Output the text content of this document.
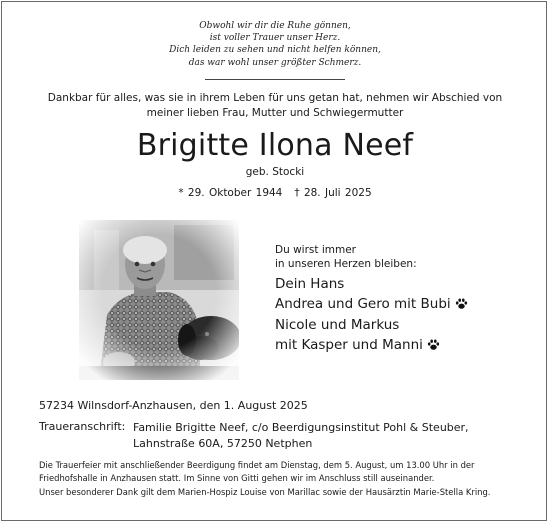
Obwohl wir dir die Ruhe gönnen,
ist voller Trauer unser Herz.
Dich leiden zu sehen und nicht helfen können,
das war wohl unser größter Schmerz.
Dankbar für alles, was sie in ihrem Leben für uns getan hat, nehmen wir Abschied von
meiner lieben Frau, Mutter und Schwiegermutter
Brigitte Ilona Neef
geb. Stocki
* 29. Oktober 1944 † 28. Juli 2025
Du wirst immer
in unseren Herzen bleiben:
Dein Hans
Andrea und Gero mit Bubi
Nicole und Markus
mit Kasper und Manni
57234 Wilnsdorf-Anzhausen, den 1. August 2025
Traueranschrift: Familie Brigitte Neef, c/o Beerdigungsinstitut Pohl & Steuber,
Lahnstraße 60A, 57250 Netphen
Die Trauerfeier mit anschließender Beerdigung findet am Dienstag, dem 5. August, um 13.00 Uhr in der Friedhofshalle in Anzhausen statt. Im Sinne von Gitti gehen wir im Anschluss still auseinander.
Unser besonderer Dank gilt dem Marien-Hospiz Louise von Marillac sowie der Hausärztin Marie-Stella Kring.
